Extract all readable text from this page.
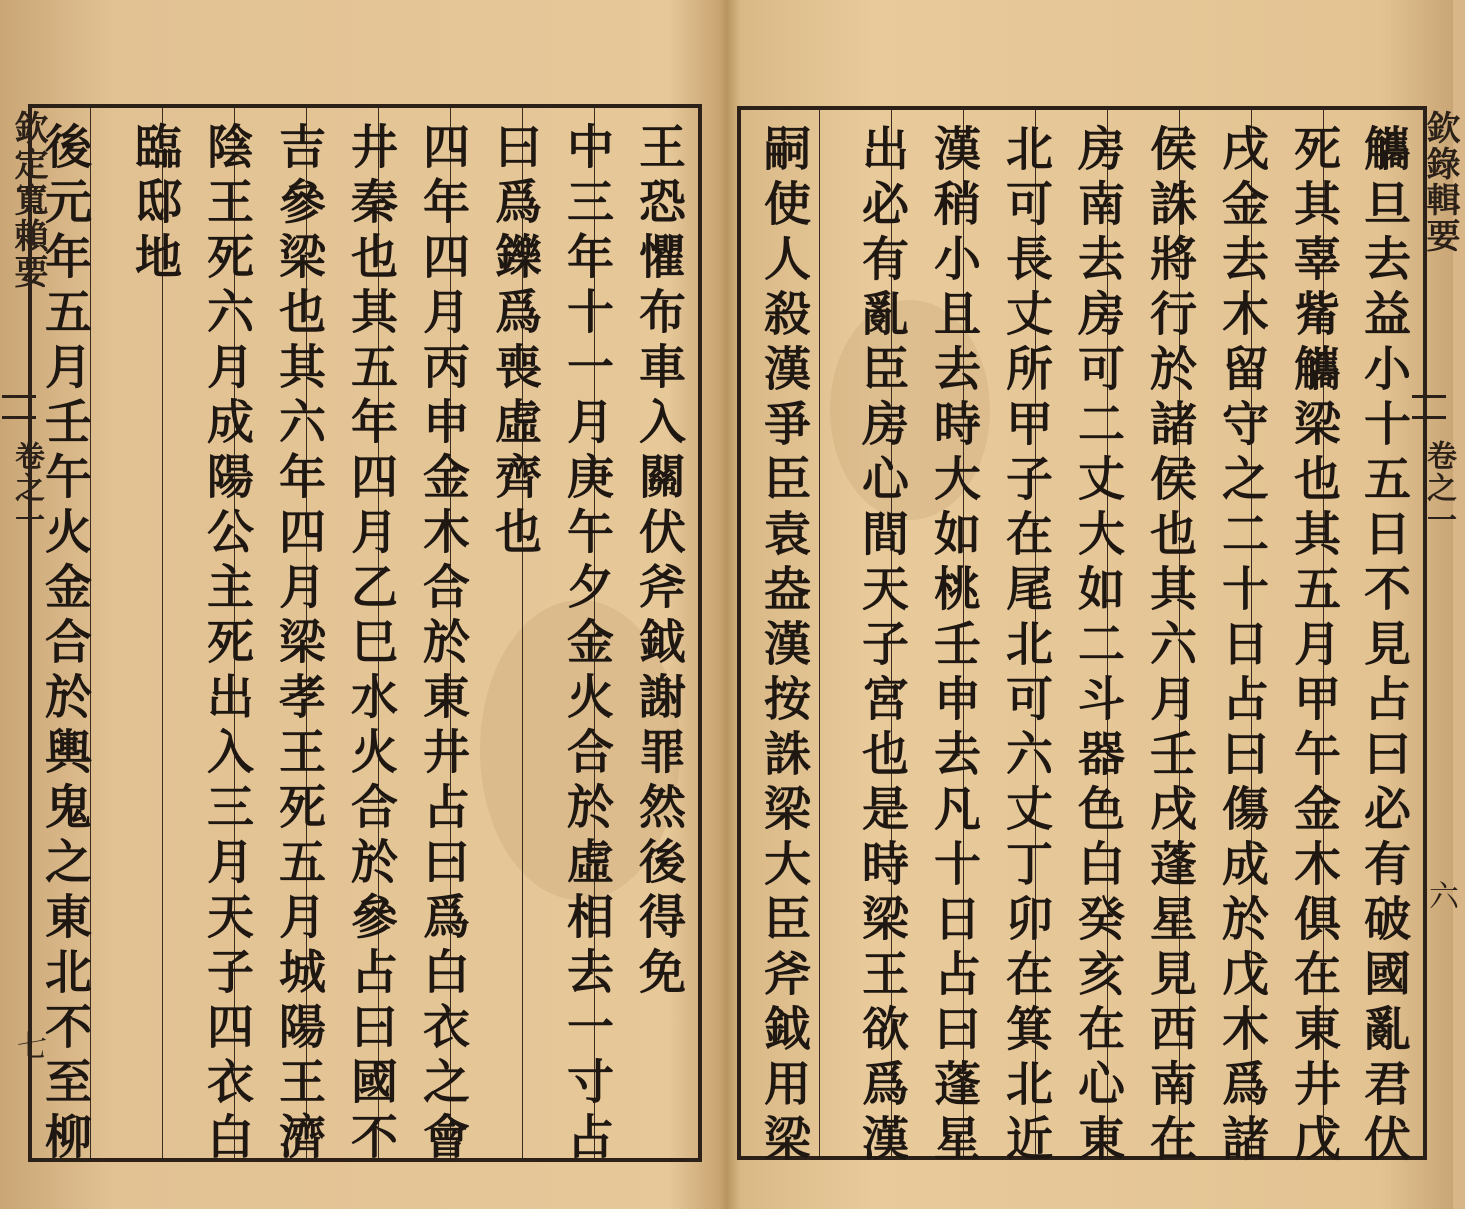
欽定寬賴要
卷之一
七
王恐懼布車入關伏斧鉞謝罪然後得免
中三年十一月庚午夕金火合於虛相去一寸占
曰爲鑠爲喪虛齊也
四年四月丙申金木合於東井占曰爲白衣之會
井秦也其五年四月乙巳水火合於參占曰國不
吉參梁也其六年四月梁孝王死五月城陽王濟
陰王死六月成陽公主死出入三月天子四衣白
臨邸地
後元年五月壬午火金合於輿鬼之東北不至柳	欽錄輯要
卷之一
六
觿旦去益小十五日不見占曰必有破國亂君伏
死其辜觜觿梁也其五月甲午金木俱在東井戊
戌金去木留守之二十日占曰傷成於戊木爲諸
侯誅將行於諸侯也其六月壬戌蓬星見西南在
房南去房可二丈大如二斗器色白癸亥在心東
北可長丈所甲子在尾北可六丈丁卯在箕北近
漢稍小且去時大如桃壬申去凡十日占曰蓬星
出必有亂臣房心間天子宮也是時梁王欲爲漢
嗣使人殺漢爭臣袁盎漢按誅梁大臣斧鉞用梁
